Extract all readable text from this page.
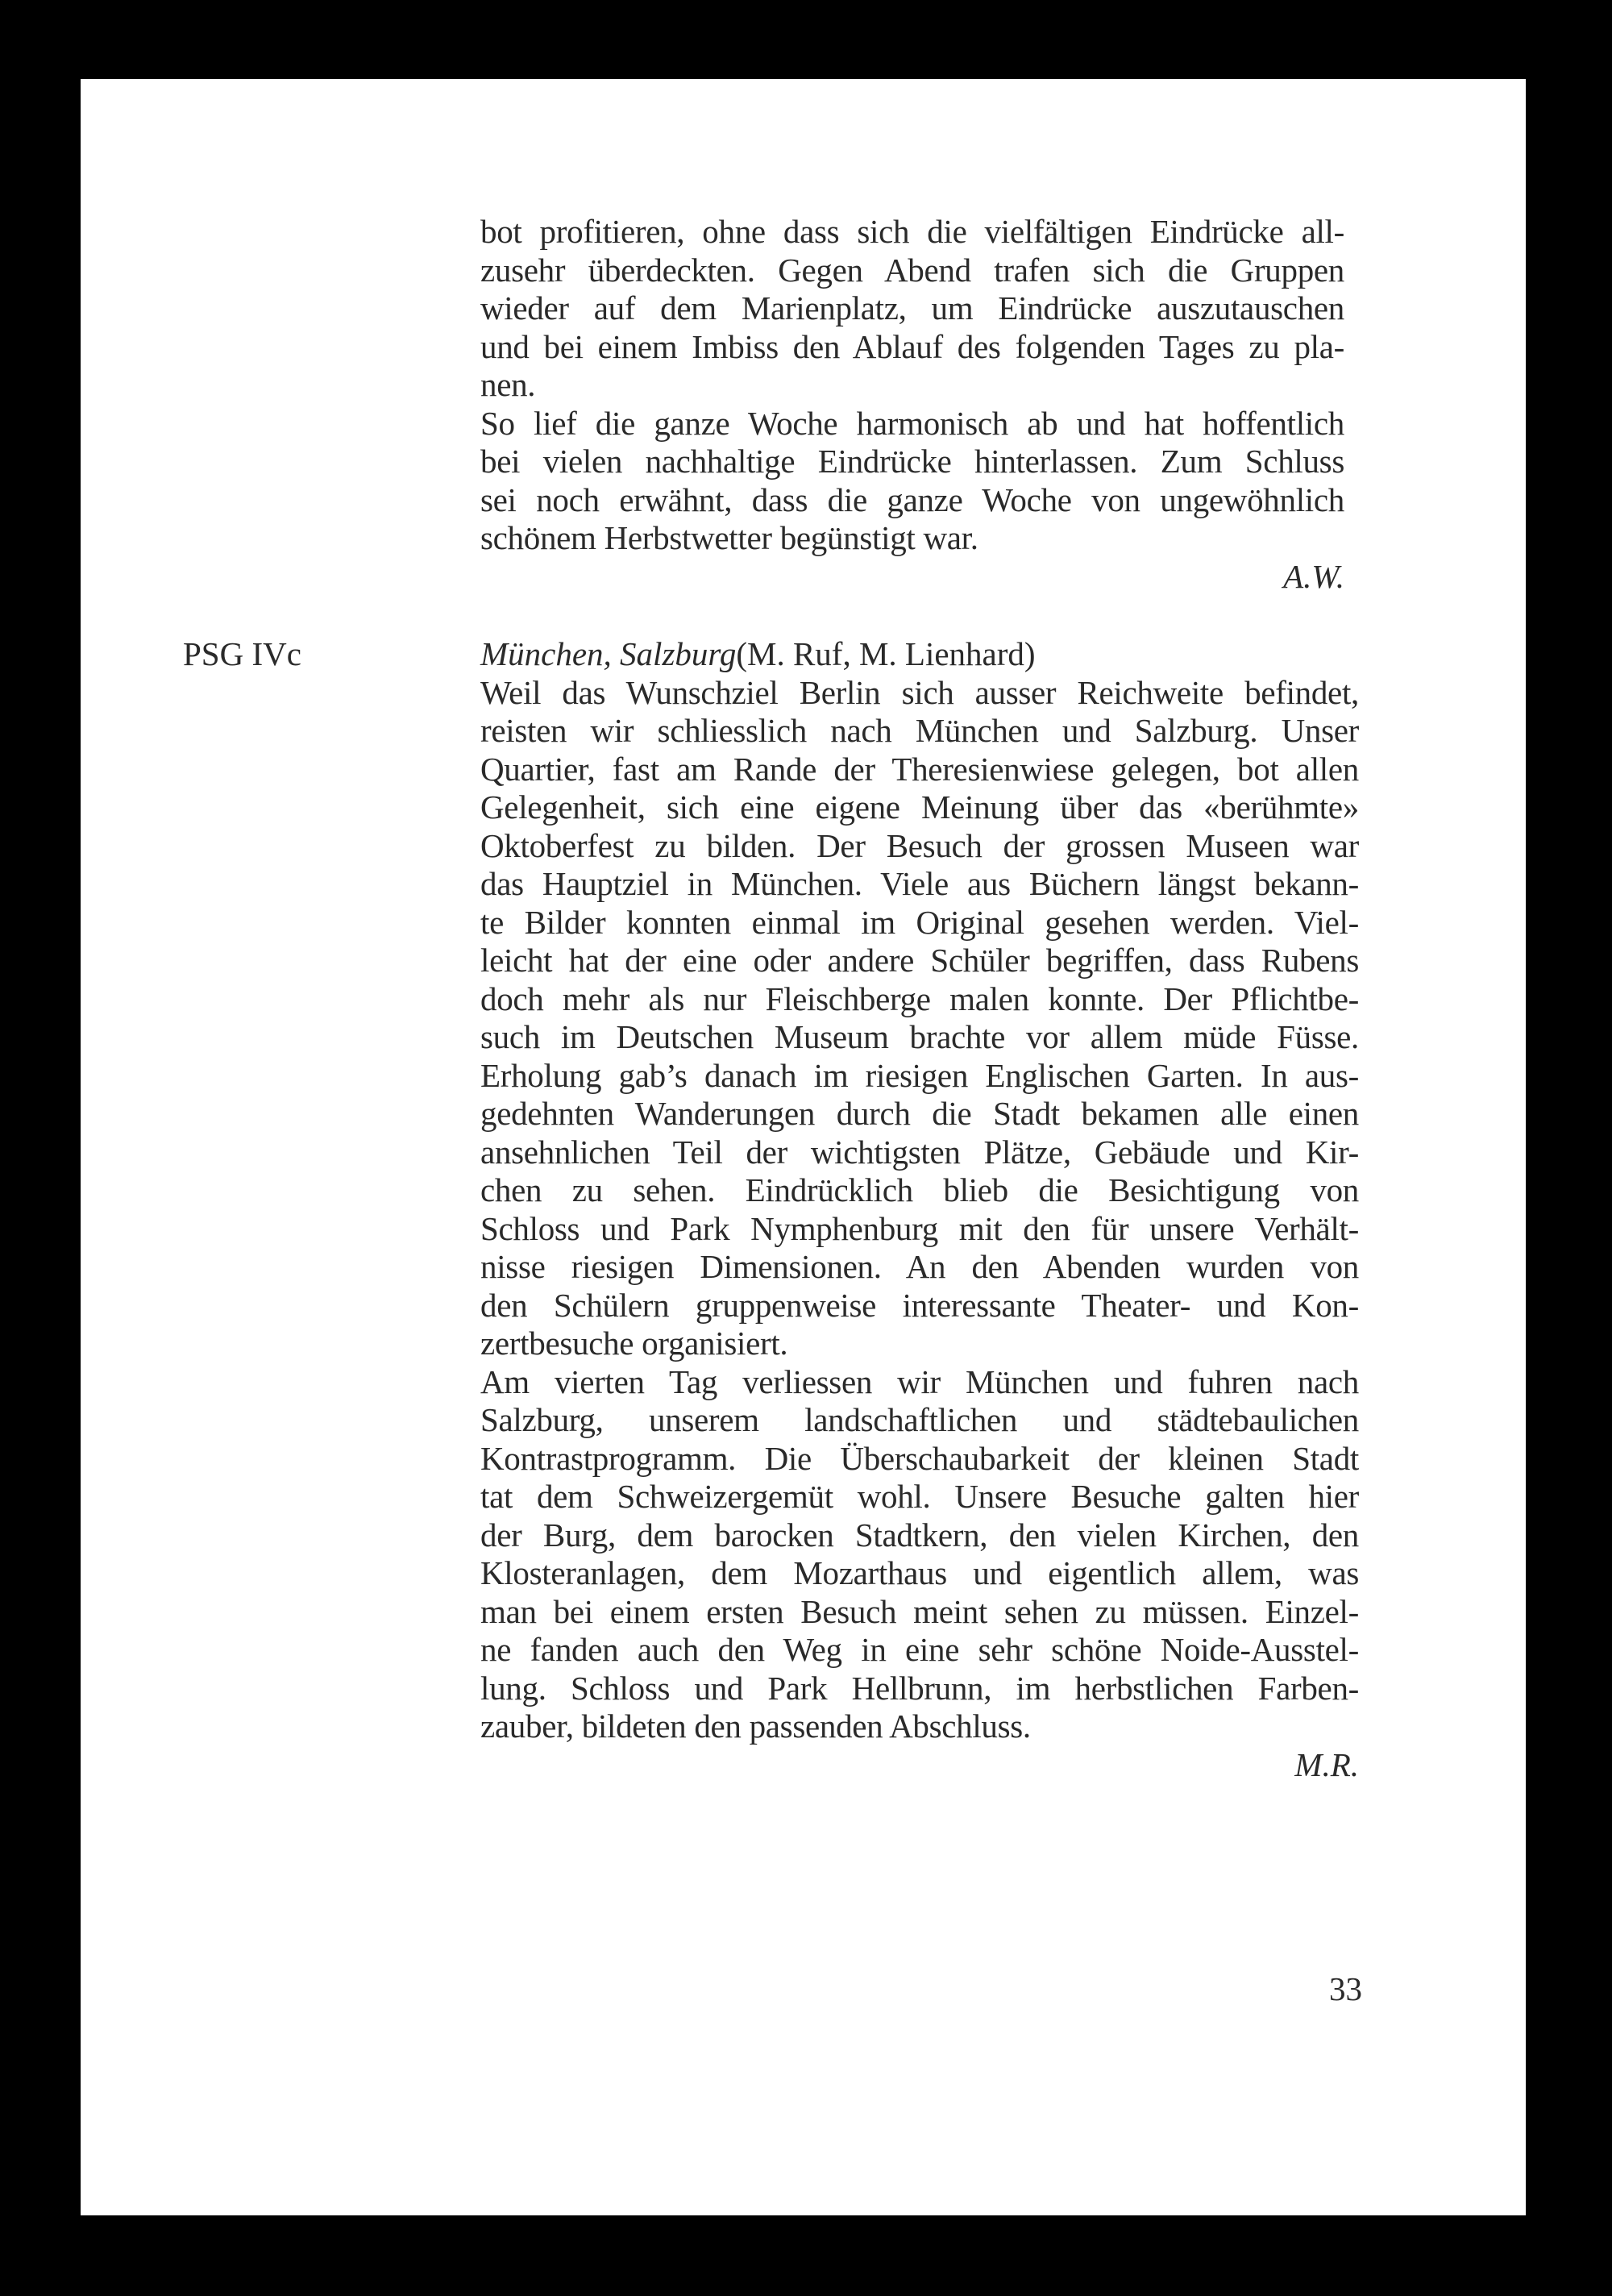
bot profitieren, ohne dass sich die vielfältigen Eindrücke all-
zusehr überdeckten. Gegen Abend trafen sich die Gruppen
wieder auf dem Marienplatz, um Eindrücke auszutauschen
und bei einem Imbiss den Ablauf des folgenden Tages zu pla-
nen.
So lief die ganze Woche harmonisch ab und hat hoffentlich
bei vielen nachhaltige Eindrücke hinterlassen. Zum Schluss
sei noch erwähnt, dass die ganze Woche von ungewöhnlich
schönem Herbstwetter begünstigt war.
A.W.
PSG IVc	München, Salzburg(M. Ruf, M. Lienhard)
Weil das Wunschziel Berlin sich ausser Reichweite befindet,
reisten wir schliesslich nach München und Salzburg. Unser
Quartier, fast am Rande der Theresienwiese gelegen, bot allen
Gelegenheit, sich eine eigene Meinung über das «berühmte»
Oktoberfest zu bilden. Der Besuch der grossen Museen war
das Hauptziel in München. Viele aus Büchern längst bekann-
te Bilder konnten einmal im Original gesehen werden. Viel-
leicht hat der eine oder andere Schüler begriffen, dass Rubens
doch mehr als nur Fleischberge malen konnte. Der Pflichtbe-
such im Deutschen Museum brachte vor allem müde Füsse.
Erholung gab’s danach im riesigen Englischen Garten. In aus-
gedehnten Wanderungen durch die Stadt bekamen alle einen
ansehnlichen Teil der wichtigsten Plätze, Gebäude und Kir-
chen zu sehen. Eindrücklich blieb die Besichtigung von
Schloss und Park Nymphenburg mit den für unsere Verhält-
nisse riesigen Dimensionen. An den Abenden wurden von
den Schülern gruppenweise interessante Theater- und Kon-
zertbesuche organisiert.
Am vierten Tag verliessen wir München und fuhren nach
Salzburg, unserem landschaftlichen und städtebaulichen
Kontrastprogramm. Die Überschaubarkeit der kleinen Stadt
tat dem Schweizergemüt wohl. Unsere Besuche galten hier
der Burg, dem barocken Stadtkern, den vielen Kirchen, den
Klosteranlagen, dem Mozarthaus und eigentlich allem, was
man bei einem ersten Besuch meint sehen zu müssen. Einzel-
ne fanden auch den Weg in eine sehr schöne Noide-Ausstel-
lung. Schloss und Park Hellbrunn, im herbstlichen Farben-
zauber, bildeten den passenden Abschluss.
M.R.
33
